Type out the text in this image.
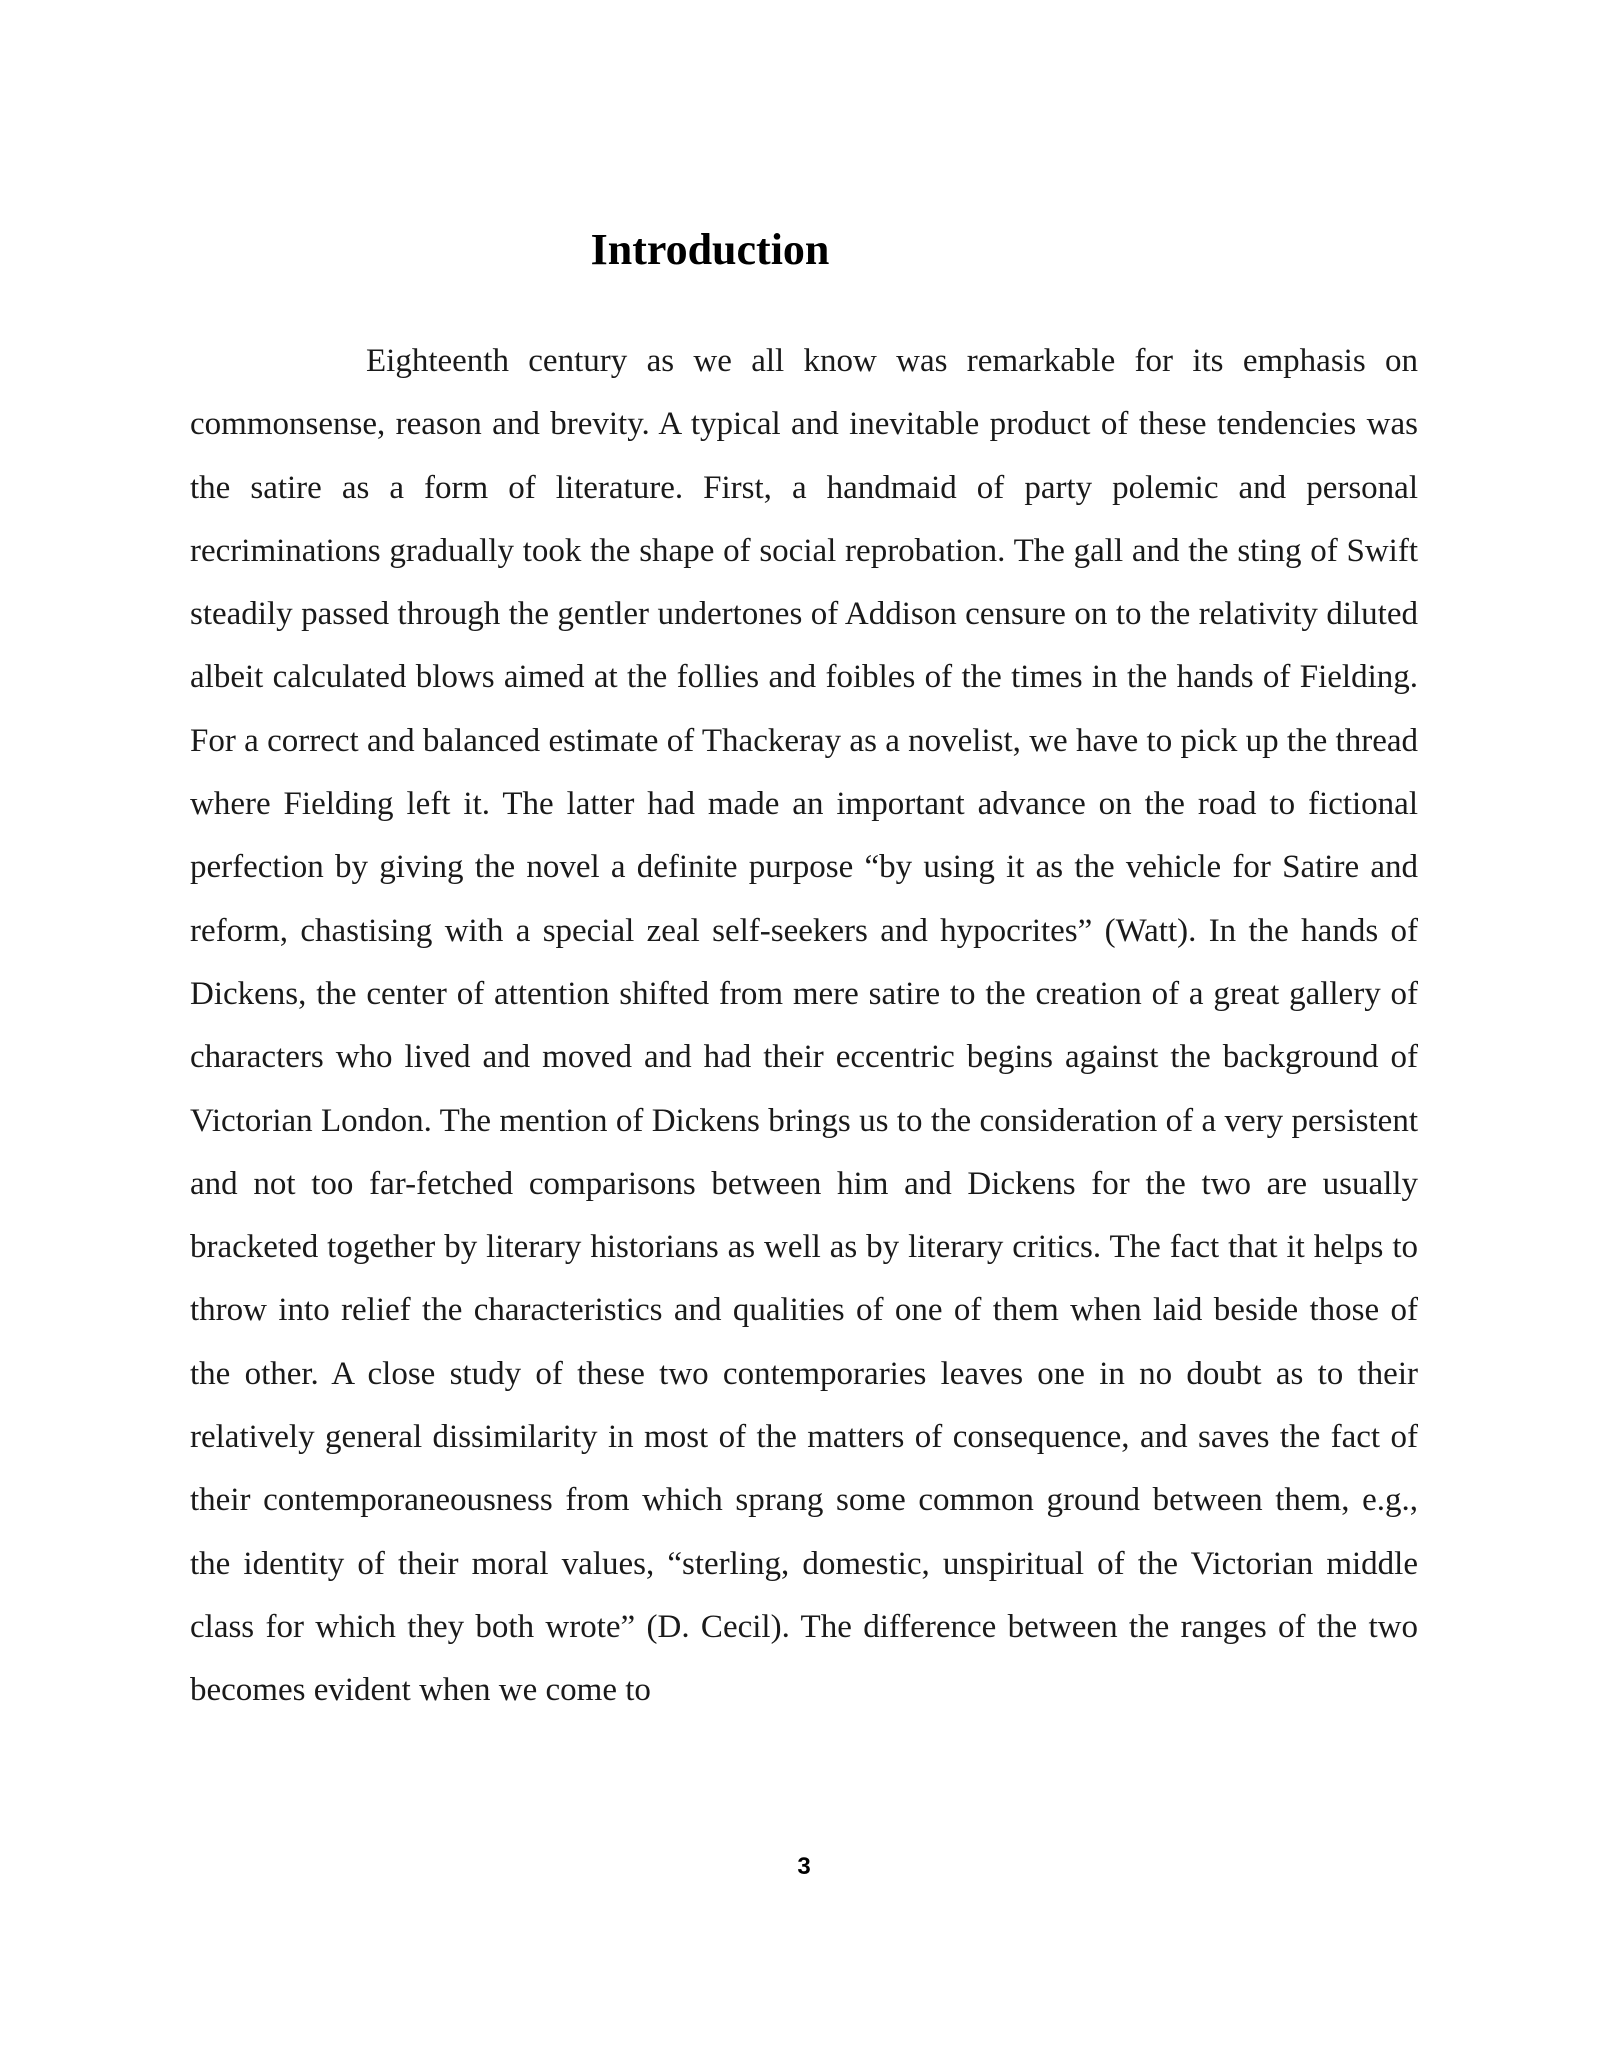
Introduction

Eighteenth century as we all know was remarkable for its emphasis on commonsense, reason and brevity. A typical and inevitable product of these tendencies was the satire as a form of literature. First, a handmaid of party polemic and personal recriminations gradually took the shape of social reprobation. The gall and the sting of Swift steadily passed through the gentler undertones of Addison censure on to the relativity diluted albeit calculated blows aimed at the follies and foibles of the times in the hands of Fielding. For a correct and balanced estimate of Thackeray as a novelist, we have to pick up the thread where Fielding left it. The latter had made an important advance on the road to fictional perfection by giving the novel a definite purpose “by using it as the vehicle for Satire and reform, chastising with a special zeal self-seekers and hypocrites” (Watt). In the hands of Dickens, the center of attention shifted from mere satire to the creation of a great gallery of characters who lived and moved and had their eccentric begins against the background of Victorian London. The mention of Dickens brings us to the consideration of a very persistent and not too far-fetched comparisons between him and Dickens for the two are usually bracketed together by literary historians as well as by literary critics. The fact that it helps to throw into relief the characteristics and qualities of one of them when laid beside those of the other. A close study of these two contemporaries leaves one in no doubt as to their relatively general dissimilarity in most of the matters of consequence, and saves the fact of their contemporaneousness from which sprang some common ground between them, e.g., the identity of their moral values, “sterling, domestic, unspiritual of the Victorian middle class for which they both wrote” (D. Cecil). The difference between the ranges of the two becomes evident when we come to

3
